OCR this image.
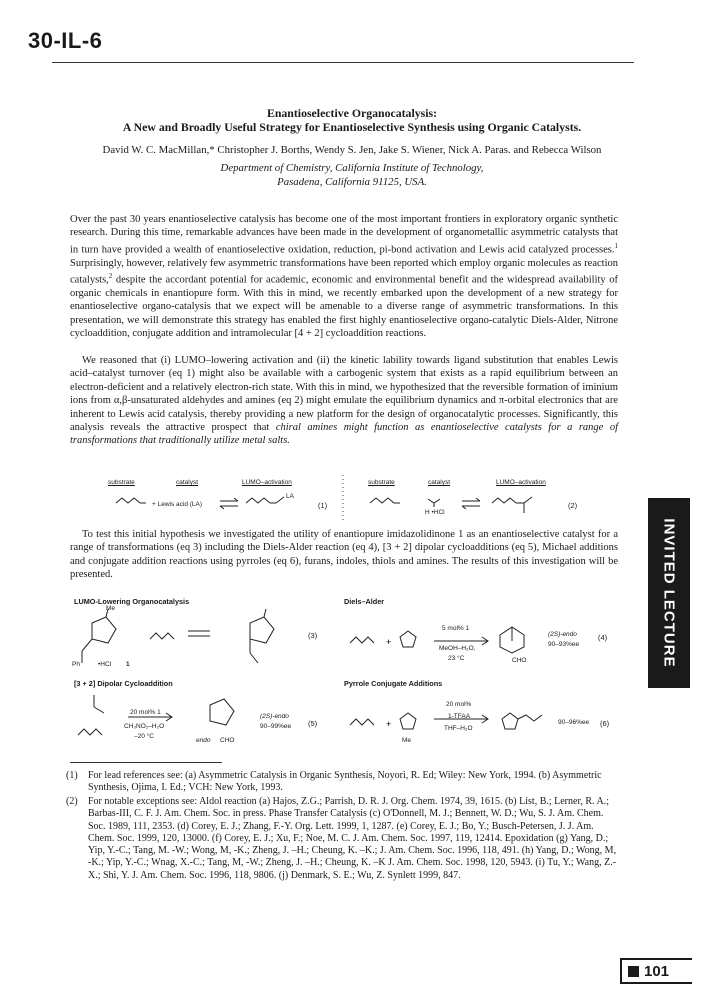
30-IL-6
Enantioselective Organocatalysis:
A New and Broadly Useful Strategy for Enantioselective Synthesis using Organic Catalysts.
David W. C. MacMillan,* Christopher J. Borths, Wendy S. Jen, Jake S. Wiener, Nick A. Paras. and Rebecca Wilson
Department of Chemistry, California Institute of Technology,
Pasadena, California 91125, USA.

Over the past 30 years enantioselective catalysis has become one of the most important frontiers in exploratory organic synthetic research. During this time, remarkable advances have been made in the development of organometallic asymmetric catalysts that in turn have provided a wealth of enantioselective oxidation, reduction, pi-bond activation and Lewis acid catalyzed processes.$^1$ Surprisingly, however, relatively few asymmetric transformations have been reported which employ organic molecules as reaction catalysts,$^2$ despite the accordant potential for academic, economic and environmental benefit and the widespread availability of organic chemicals in enantiopure form. With this in mind, we recently embarked upon the development of a new strategy for enantioselective organo-catalysis that we expect will be amenable to a diverse range of asymmetric transformations. In this presentation, we will demonstrate this strategy has enabled the first highly enantioselective organo-catalytic Diels-Alder, Nitrone cycloaddition, conjugate addition and intramolecular [4 + 2] cycloaddition reactions.

We reasoned that (i) LUMO–lowering activation and (ii) the kinetic lability towards ligand substitution that enables Lewis acid–catalyst turnover (eq 1) might also be available with a carbogenic system that exists as a rapid equilibrium between an electron-deficient and a relatively electron-rich state. With this in mind, we hypothesized that the reversible formation of iminium ions from α,β-unsaturated aldehydes and amines (eq 2) might emulate the equilibrium dynamics and π-orbital electronics that are inherent to Lewis acid catalysis, thereby providing a new platform for the design of organocatalytic processes. Significantly, this analysis reveals the attractive prospect that chiral amines might function as enantioselective catalysts for a range of transformations that traditionally utilize metal salts.

substrate	catalyst	LUMO–activation
+ Lewis acid (LA)
LA
(1)
substrate	catalyst	LUMO–activation
H •HCl
(2)

To test this initial hypothesis we investigated the utility of enantiopure imidazolidinone 1 as an enantioselective catalyst for a range of transformations (eq 3) including the Diels-Alder reaction (eq 4), [3 + 2] dipolar cycloadditions (eq 5), Michael additions and conjugate addition reactions using pyrroles (eq 6), furans, indoles, thiols and amines. The results of this investigation will be presented.

LUMO-Lowering Organocatalysis
Me
Ph	•HCl 1
(3)
Diels–Alder
+
5 mol% 1
MeOH–H₂O,
23 °C	CHO
(2S)-endo
90–93%ee
(4)
[3 + 2] Dipolar Cycloaddition
20 mol% 1
CH₃NO₂–H₂O
–20 °C
endo CHO
(2S)-endo
90–99%ee (5)
Pyrrole Conjugate Additions
+
20 mol%
1-TFAA
THF–H₂O
Me
90–96%ee (6)
(1)	For lead references see: (a) Asymmetric Catalysis in Organic Synthesis, Noyori, R. Ed; Wiley: New York, 1994. (b) Asymmetric Synthesis, Ojima, I. Ed.; VCH: New York, 1993.
(2)	For notable exceptions see: Aldol reaction (a) Hajos, Z.G.; Parrish, D. R. J. Org. Chem. 1974, 39, 1615. (b) List, B.; Lerner, R. A.; Barbas-III, C. F. J. Am. Chem. Soc. in press. Phase Transfer Catalysis (c) O'Donnell, M. J.; Bennett, W. D.; Wu, S. J. Am. Chem. Soc. 1989, 111, 2353. (d) Corey, E. J.; Zhang, F.-Y. Org. Lett. 1999, 1, 1287. (e) Corey, E. J.; Bo, Y.; Busch-Petersen, J. J. Am. Chem. Soc. 1999, 120, 13000. (f) Corey, E. J.; Xu, F.; Noe, M. C. J. Am. Chem. Soc. 1997, 119, 12414. Epoxidation (g) Yang, D.; Yip, Y.-C.; Tang, M. -W.; Wong, M, -K.; Zheng, J. –H.; Cheung, K. –K.; J. Am. Chem. Soc. 1996, 118, 491. (h) Yang, D.; Wong, M, -K.; Yip, Y.-C.; Wnag, X.-C.; Tang, M, -W.; Zheng, J. –H.; Cheung, K. –K J. Am. Chem. Soc. 1998, 120, 5943. (i) Tu, Y.; Wang, Z.-X.; Shi, Y. J. Am. Chem. Soc. 1996, 118, 9806. (j) Denmark, S. E.; Wu, Z. Synlett 1999, 847.
INVITED LECTURE
101
